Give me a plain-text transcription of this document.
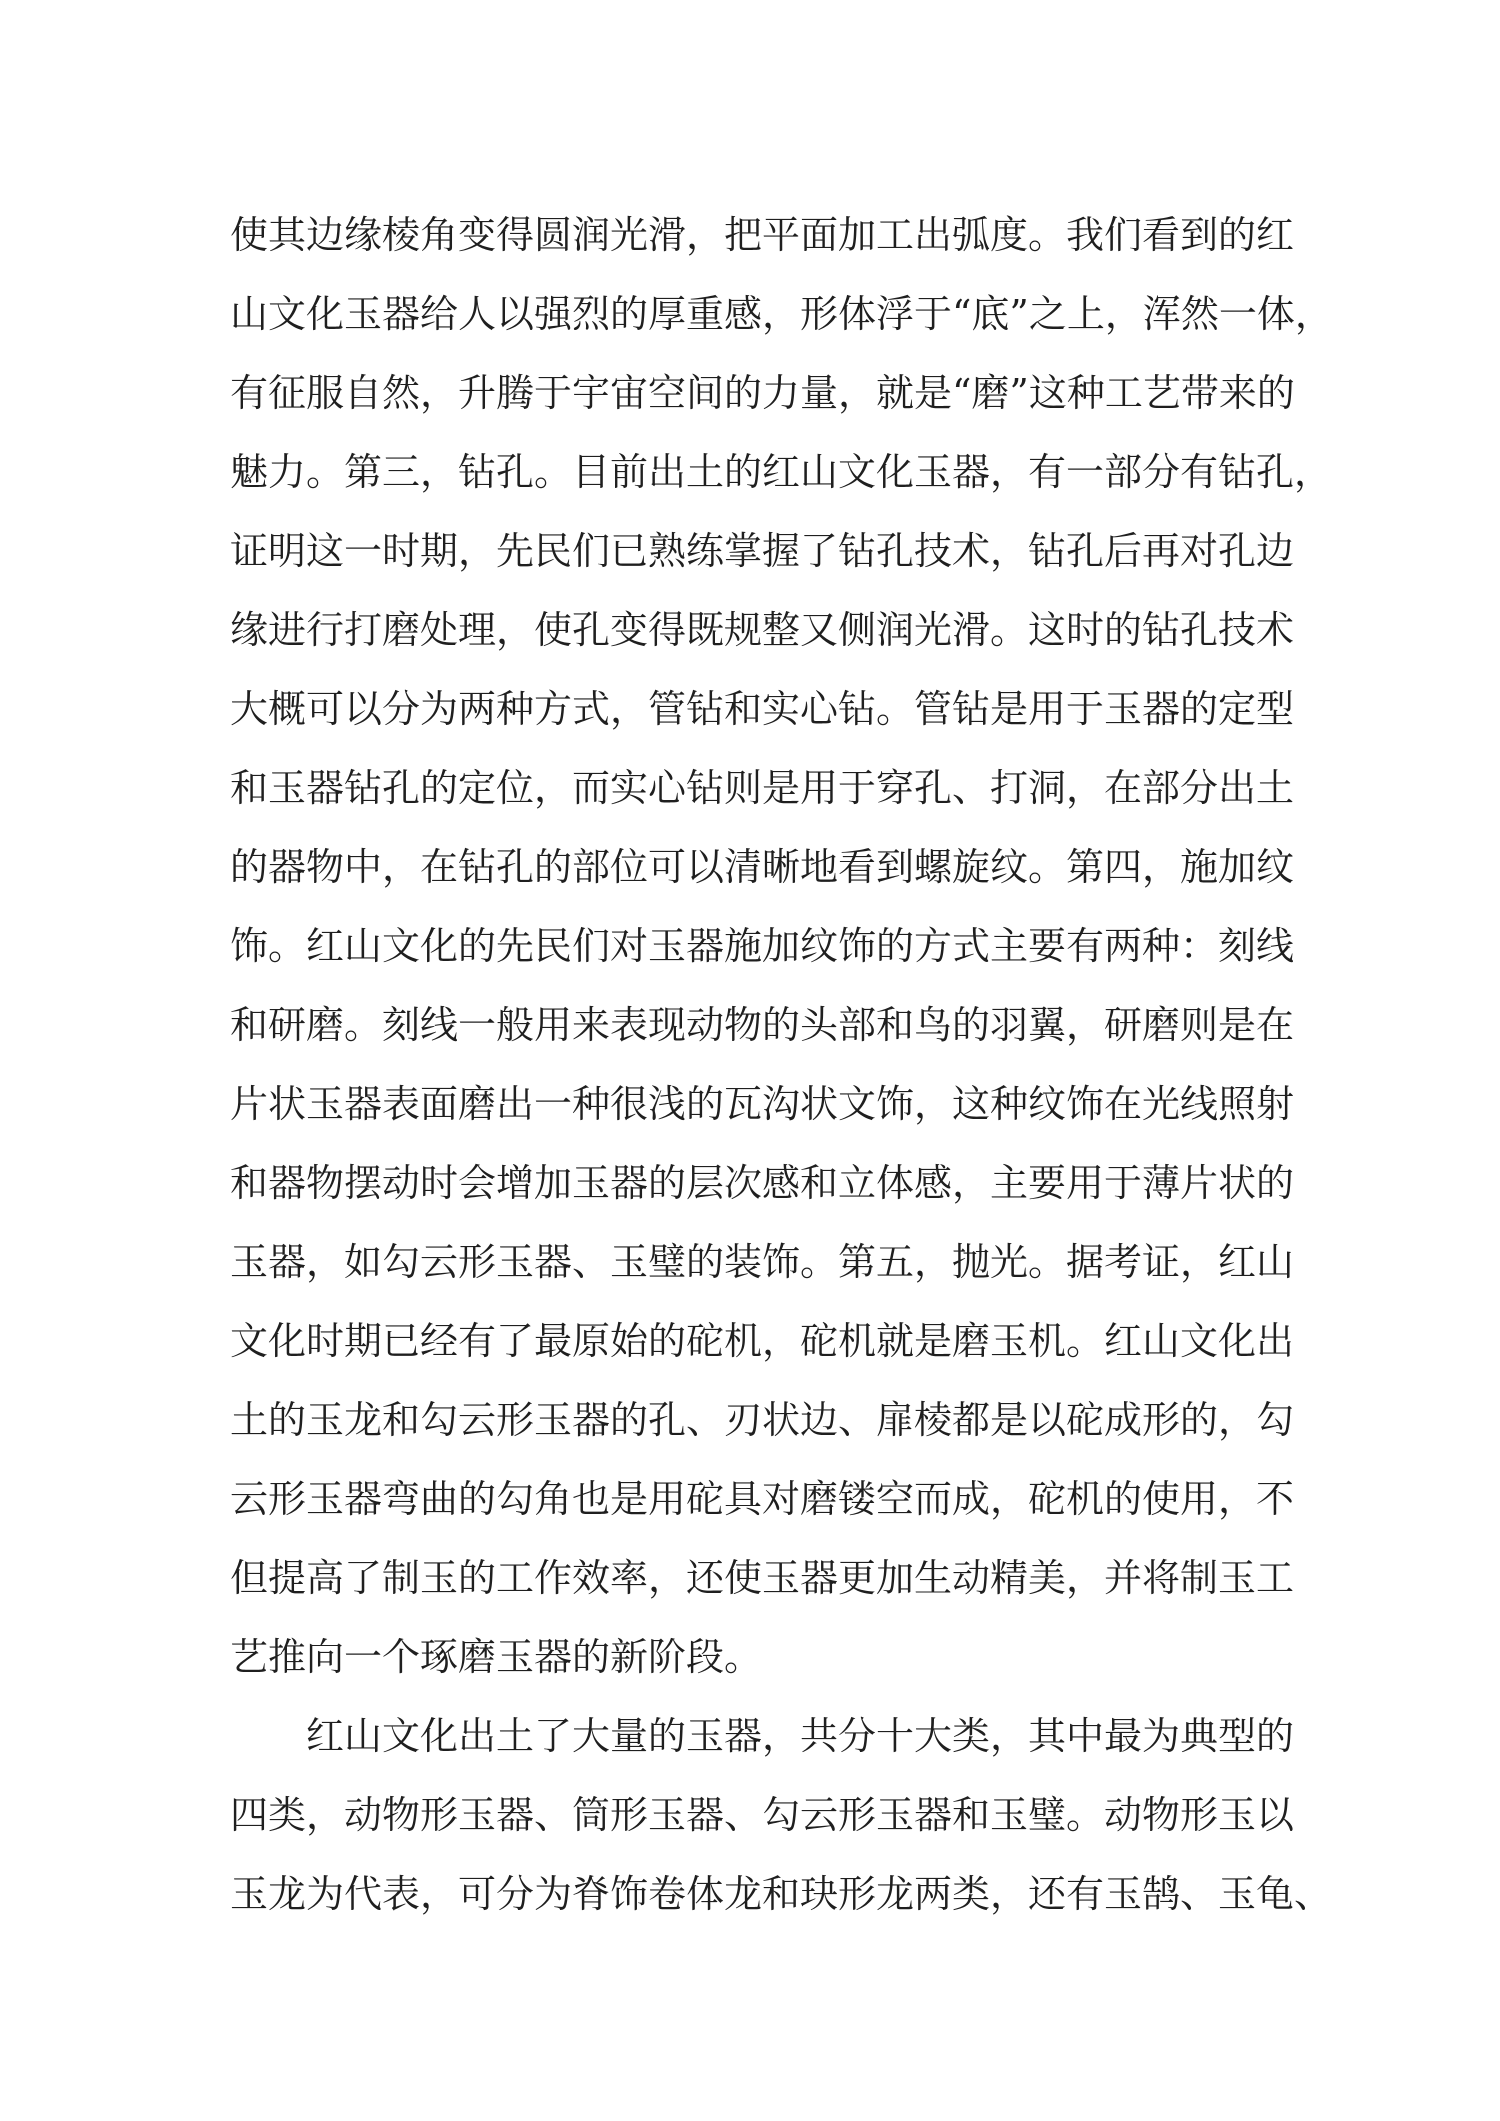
使其边缘棱角变得圆润光滑，把平面加工出弧度。我们看到的红
山文化玉器给人以强烈的厚重感，形体浮于“底”之上，浑然一体，
有征服自然，升腾于宇宙空间的力量，就是“磨”这种工艺带来的
魅力。第三，钻孔。目前出土的红山文化玉器，有一部分有钻孔，
证明这一时期，先民们已熟练掌握了钻孔技术，钻孔后再对孔边
缘进行打磨处理，使孔变得既规整又侧润光滑。这时的钻孔技术
大概可以分为两种方式，管钻和实心钻。管钻是用于玉器的定型
和玉器钻孔的定位，而实心钻则是用于穿孔、打洞，在部分出土
的器物中，在钻孔的部位可以清晰地看到螺旋纹。第四，施加纹
饰。红山文化的先民们对玉器施加纹饰的方式主要有两种：刻线
和研磨。刻线一般用来表现动物的头部和鸟的羽翼，研磨则是在
片状玉器表面磨出一种很浅的瓦沟状文饰，这种纹饰在光线照射
和器物摆动时会增加玉器的层次感和立体感，主要用于薄片状的
玉器，如勾云形玉器、玉璧的装饰。第五，抛光。据考证，红山
文化时期已经有了最原始的砣机，砣机就是磨玉机。红山文化出
土的玉龙和勾云形玉器的孔、刃状边、扉棱都是以砣成形的，勾
云形玉器弯曲的勾角也是用砣具对磨镂空而成，砣机的使用，不
但提高了制玉的工作效率，还使玉器更加生动精美，并将制玉工
艺推向一个琢磨玉器的新阶段。
红山文化出土了大量的玉器，共分十大类，其中最为典型的
四类，动物形玉器、筒形玉器、勾云形玉器和玉璧。动物形玉以
玉龙为代表，可分为脊饰卷体龙和玦形龙两类，还有玉鹄、玉龟、
